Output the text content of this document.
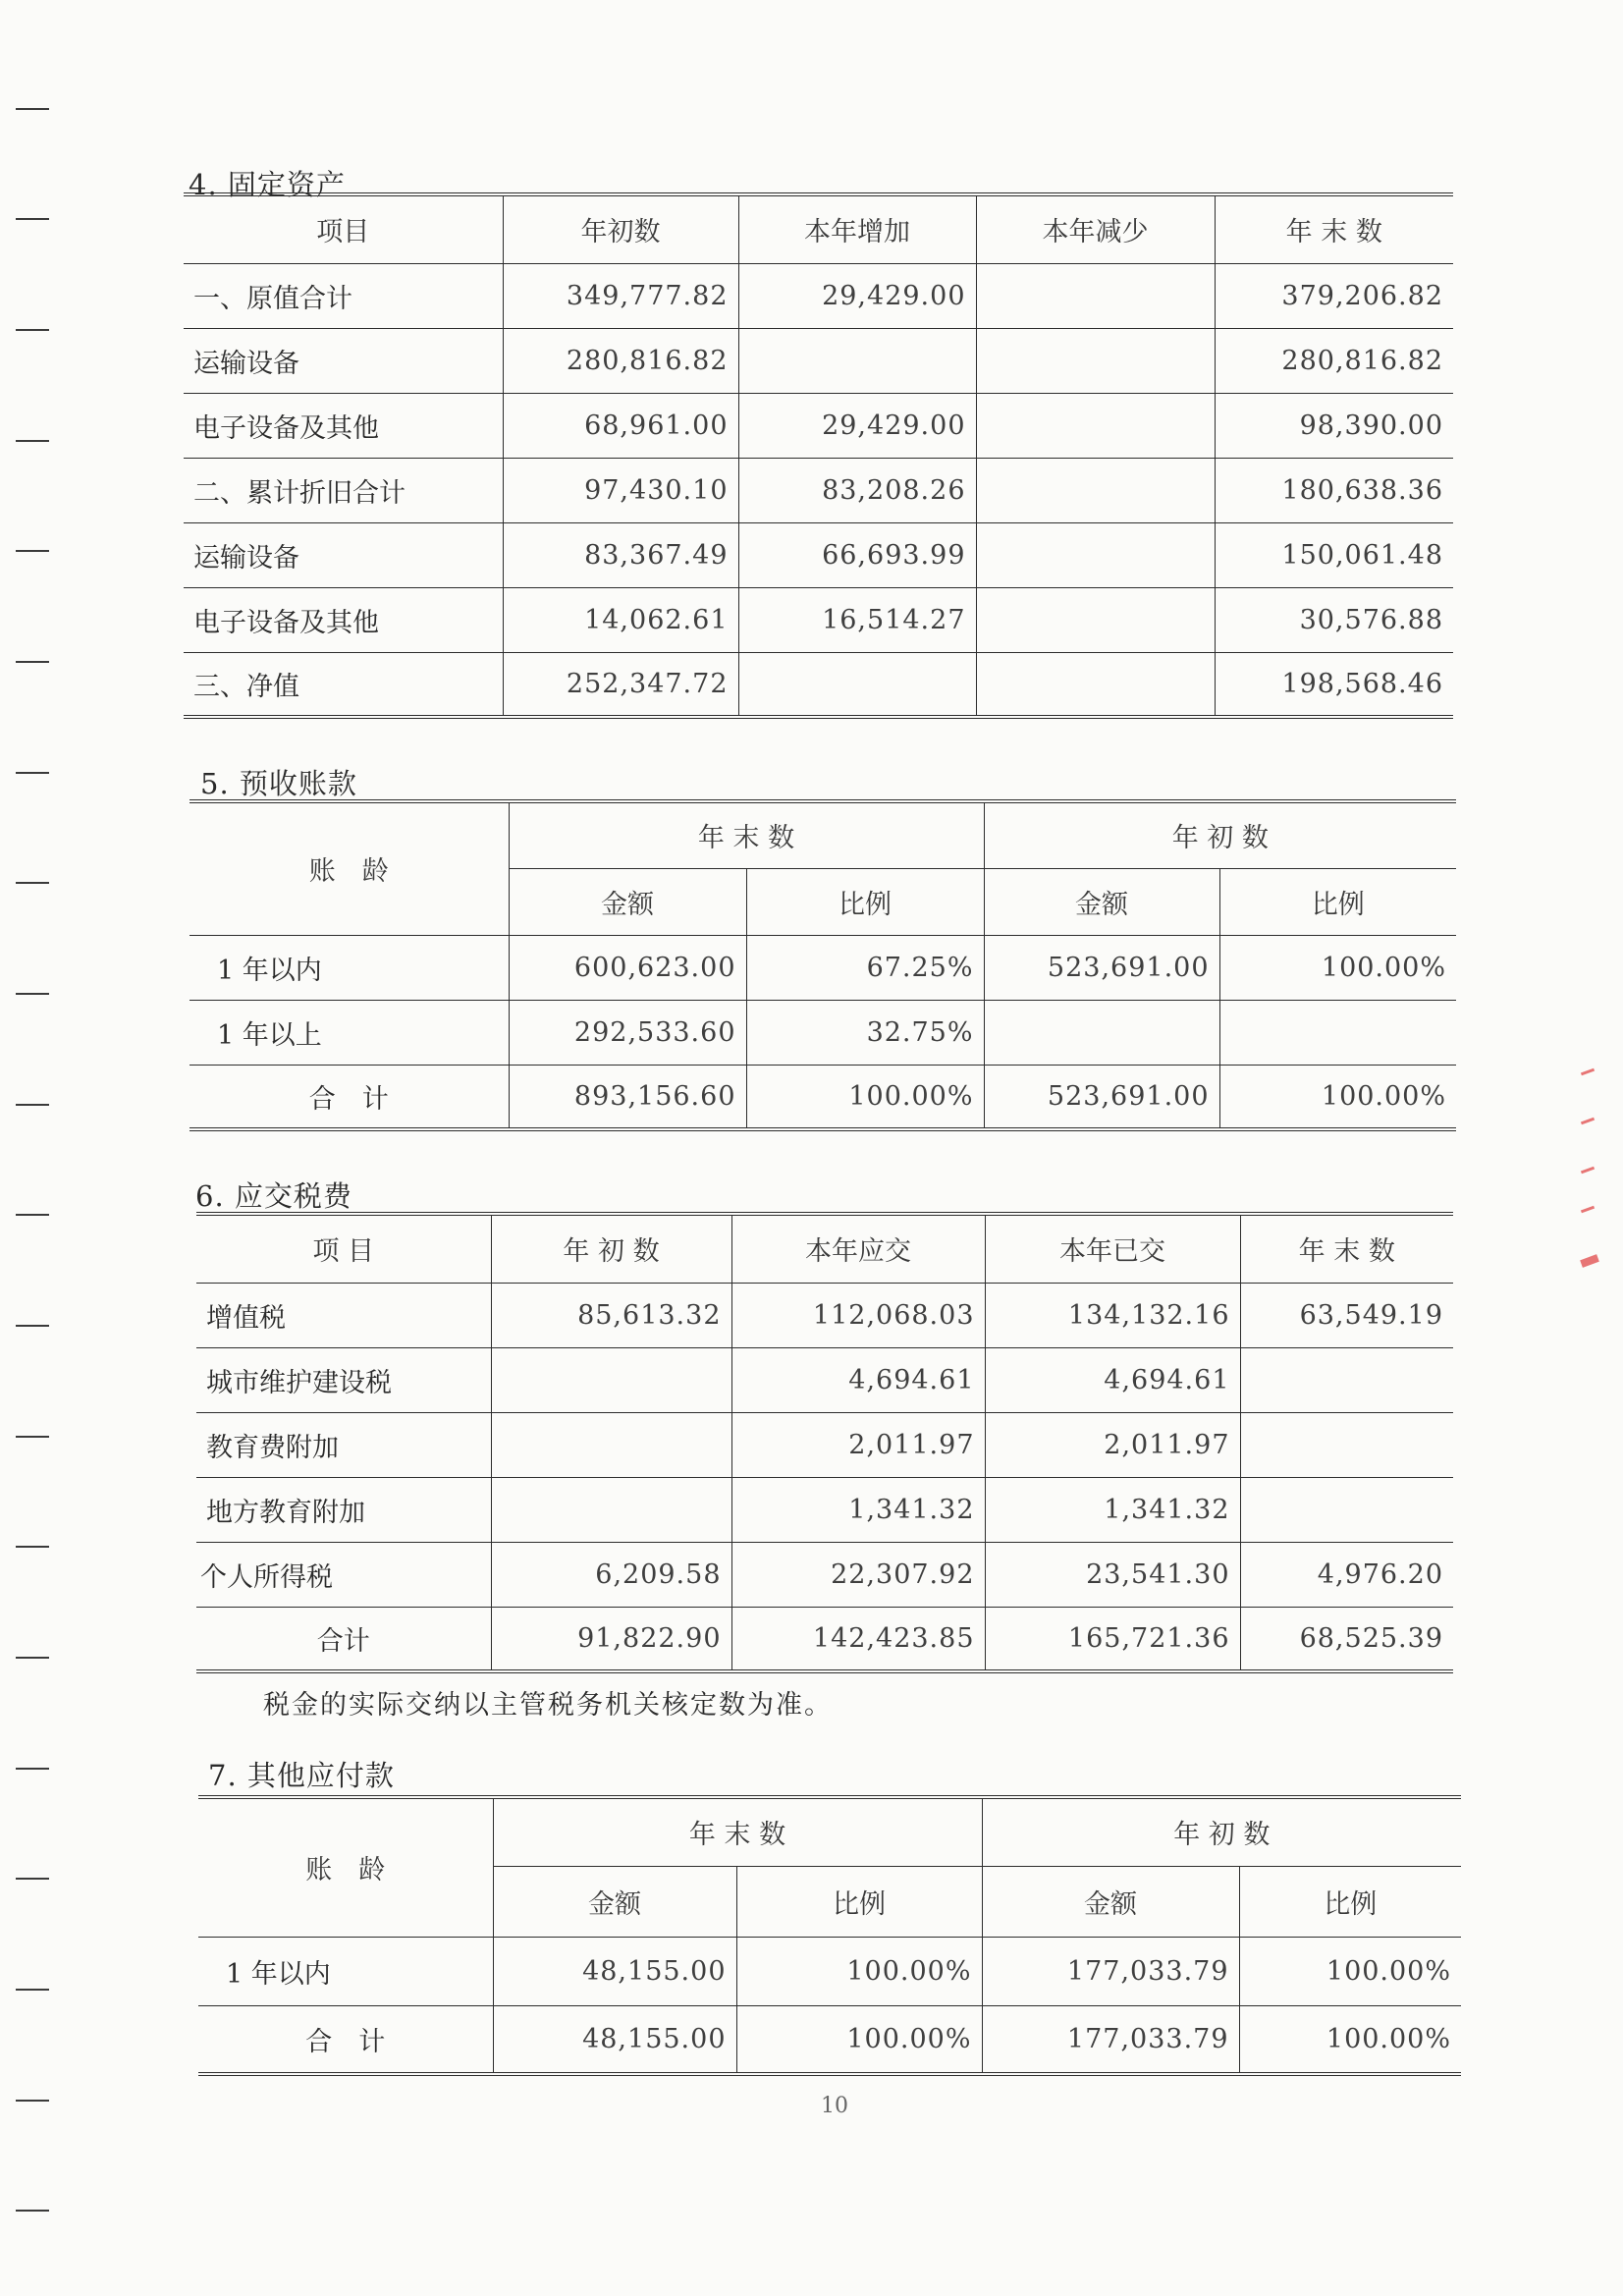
4. 固定资产
项目	年初数	本年增加	本年减少	年 末 数
一、原值合计	349,777.82	29,429.00		379,206.82
运输设备	280,816.82			280,816.82
电子设备及其他	68,961.00	29,429.00		98,390.00
二、累计折旧合计	97,430.10	83,208.26		180,638.36
运输设备	83,367.49	66,693.99		150,061.48
电子设备及其他	14,062.61	16,514.27		30,576.88
三、净值	252,347.72			198,568.46
5. 预收账款
账　龄	年 末 数		年 初 数	
	金额	比例	金额	比例
1 年以内	600,623.00	67.25%	523,691.00	100.00%
1 年以上	292,533.60	32.75%		
合　计	893,156.60	100.00%	523,691.00	100.00%
6. 应交税费
项 目	年 初 数	本年应交	本年已交	年 末 数
增值税	85,613.32	112,068.03	134,132.16	63,549.19
城市维护建设税		4,694.61	4,694.61	
教育费附加		2,011.97	2,011.97	
地方教育附加		1,341.32	1,341.32	
个人所得税	6,209.58	22,307.92	23,541.30	4,976.20
合计	91,822.90	142,423.85	165,721.36	68,525.39
税金的实际交纳以主管税务机关核定数为准。
7. 其他应付款
账　龄	年 末 数		年 初 数	
	金额	比例	金额	比例
1 年以内	48,155.00	100.00%	177,033.79	100.00%
合　计	48,155.00	100.00%	177,033.79	100.00%
10
